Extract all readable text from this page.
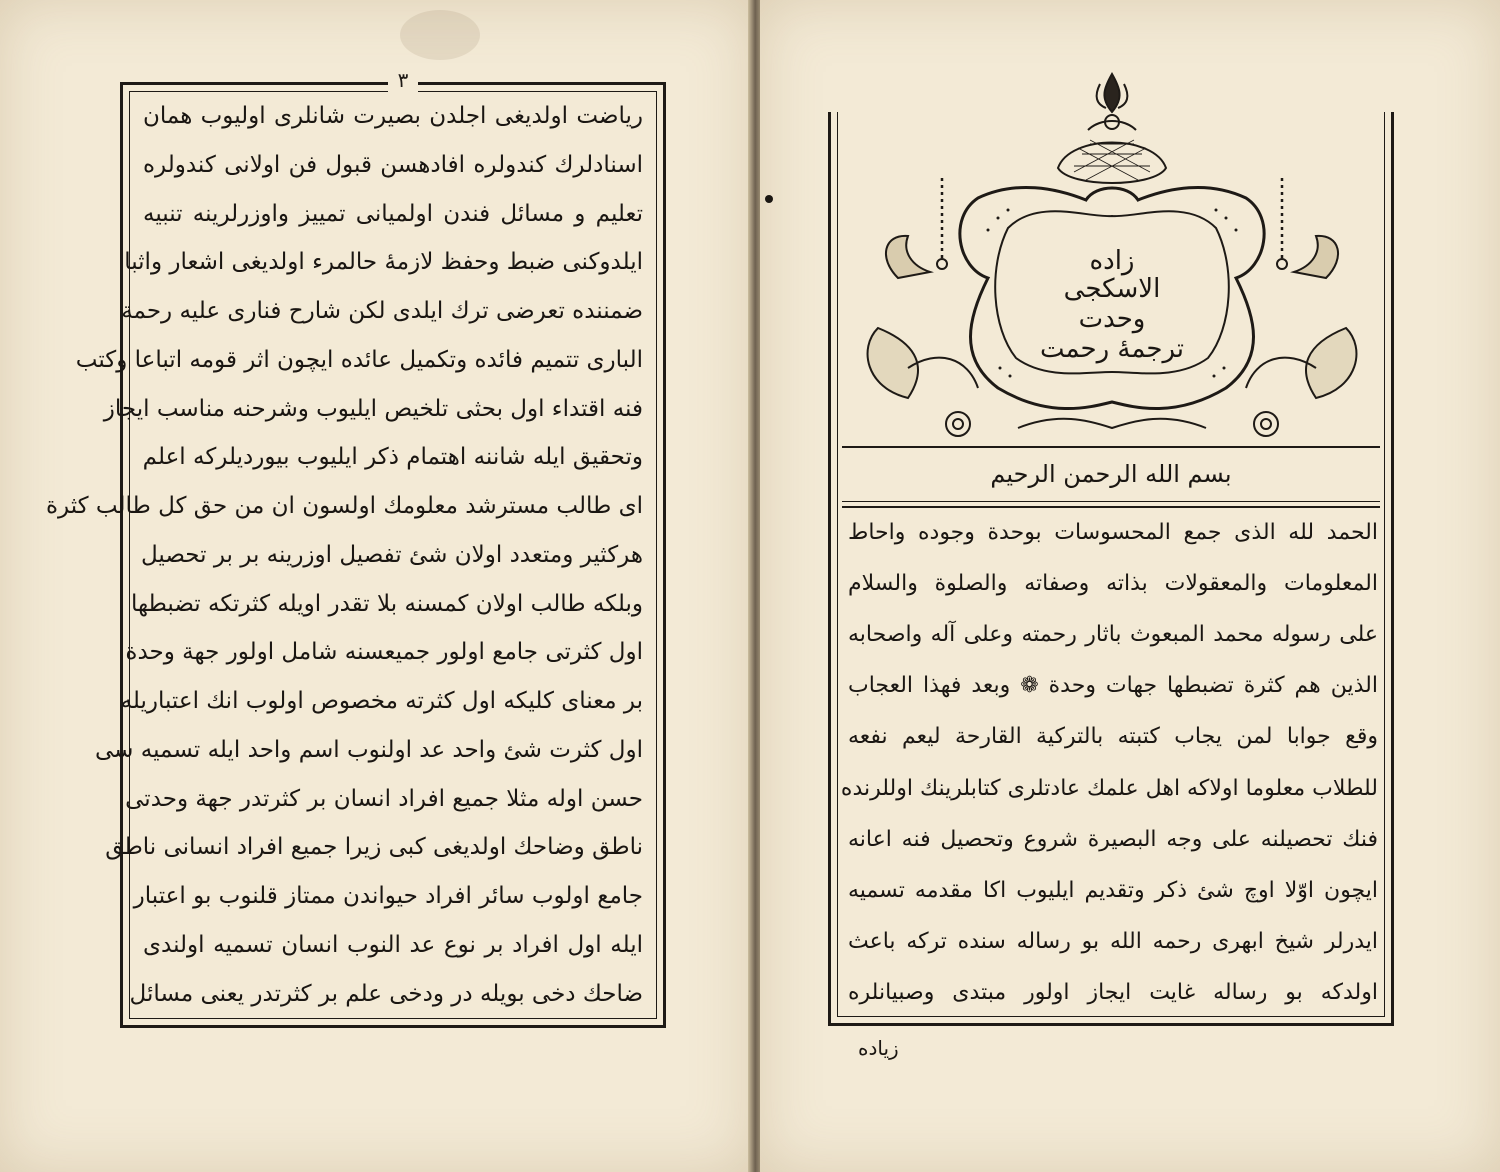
ریاضت اولدیغی اجلدن بصیرت شانلری اولیوب همان
اسنادلرك كندولره افادهسن قبول فن اولانی كندولره
تعلیم و مسائل فندن اولمیانی تمییز واوزرلرینه تنبیه
ایلدوكنی ضبط وحفظ لازمهٔ حالمرء اولدیغی اشعار واثبا
ضمننده تعرضی ترك ایلدی لكن شارح فناری علیه رحمة
الباری تتمیم فائده وتكمیل عائده ایچون اثر قومه اتباعا وكتب
فنه اقتداء اول بحثی تلخیص ایلیوب وشرحنه مناسب ایجاز
وتحقیق ایله شاننه اهتمام ذكر ایلیوب بیوردیلركه اعلم
ای طالب مسترشد معلومك اولسون ان من حق كل طالب كثرة
هركثیر ومتعدد اولان شئ تفصیل اوزرینه بر بر تحصیل
وبلكه طالب اولان كمسنه بلا تقدر اویله كثرتكه تضبطها
اول كثرتی جامع اولور جمیعسنه شامل اولور جهة وحدة
بر معنای كلیكه اول كثرته مخصوص اولوب انك اعتباریله
اول كثرت شئ واحد عد اولنوب اسم واحد ایله تسمیه سی
حسن اوله مثلا جمیع افراد انسان بر كثرتدر جهة وحدتی
ناطق وضاحك اولدیغی كبی زیرا جمیع افراد انسانی ناطق
جامع اولوب سائر افراد حیواندن ممتاز قلنوب بو اعتبار
ایله اول افراد بر نوع عد النوب انسان تسمیه اولندی
ضاحك دخی بویله در ودخی علم بر كثرتدر یعنی مسائل
٣
زاده
الاسکجی
وحدت
ترجمهٔ رحمت
بسم الله الرحمن الرحیم
الحمد لله الذی جمع المحسوسات بوحدة وجوده واحاط
المعلومات والمعقولات بذاته وصفاته والصلوة والسلام
علی رسوله محمد المبعوث باثار رحمته وعلی آله واصحابه
الذین هم كثرة تضبطها جهات وحدة ❁ وبعد فهذا العجاب
وقع جوابا لمن یجاب كتبته بالتركیة القارحة لیعم نفعه
للطلاب معلوما اولاكه اهل علمك عادتلری كتابلرینك اوللرنده
فنك تحصیلنه علی وجه البصیرة شروع وتحصیل فنه اعانه
ایچون اوّلا اوچ شئ ذكر وتقدیم ایلیوب اكا مقدمه تسمیه
ایدرلر شیخ ابهری رحمه الله بو رساله سنده تركه باعث
اولدكه بو رساله غایت ایجاز اولور مبتدی وصبیانلره
زیاده
